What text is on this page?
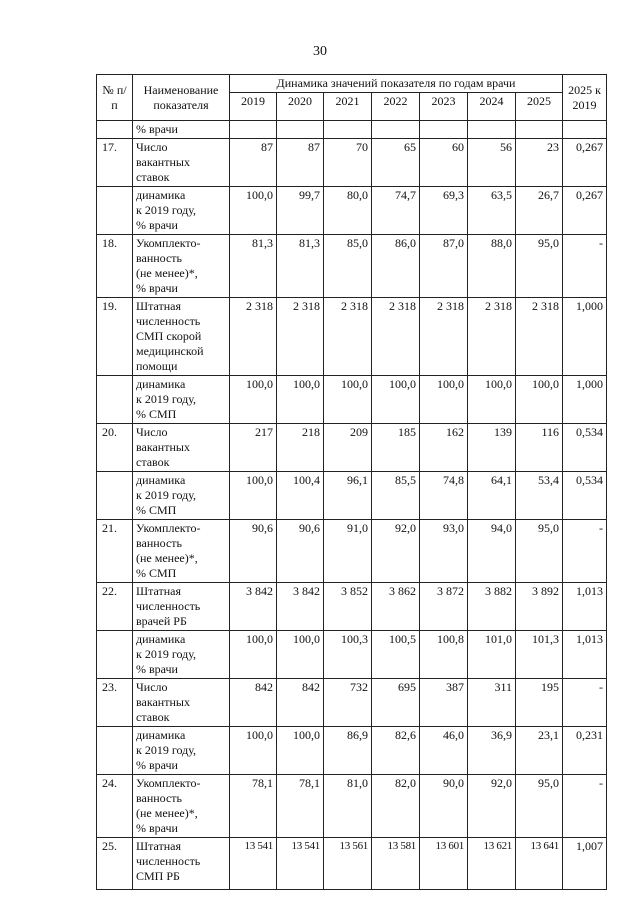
30
№ п/п	Наименование показателя	Динамика значений показателя по годам врачи							2025 к 2019
		2019	2020	2021	2022	2023	2024	2025	

	% врачи								

17.	Число
вакантных
ставок	87	87	70	65	60	56	23	0,267

	динамика
к 2019 году,
% врачи	100,0	99,7	80,0	74,7	69,3	63,5	26,7	0,267
18.	Укомплекто-
ванность
(не менее)*,
% врачи	81,3	81,3	85,0	86,0	87,0	88,0	95,0	-
19.	Штатная
численность
СМП скорой
медицинской
помощи	2 318	2 318	2 318	2 318	2 318	2 318	2 318	1,000

	динамика
к 2019 году,
% СМП	100,0	100,0	100,0	100,0	100,0	100,0	100,0	1,000
20.	Число
вакантных
ставок	217	218	209	185	162	139	116	0,534

	динамика
к 2019 году,
% СМП	100,0	100,4	96,1	85,5	74,8	64,1	53,4	0,534
21.	Укомплекто-
ванность
(не менее)*,
% СМП	90,6	90,6	91,0	92,0	93,0	94,0	95,0	-
22.	Штатная
численность
врачей РБ	3 842	3 842	3 852	3 862	3 872	3 882	3 892	1,013

	динамика
к 2019 году,
% врачи	100,0	100,0	100,3	100,5	100,8	101,0	101,3	1,013
23.	Число
вакантных
ставок	842	842	732	695	387	311	195	-

	динамика
к 2019 году,
% врачи	100,0	100,0	86,9	82,6	46,0	36,9	23,1	0,231
24.	Укомплекто-
ванность
(не менее)*,
% врачи	78,1	78,1	81,0	82,0	90,0	92,0	95,0	-
25.	Штатная
численность
СМП РБ	13 541	13 541	13 561	13 581	13 601	13 621	13 641	1,007
